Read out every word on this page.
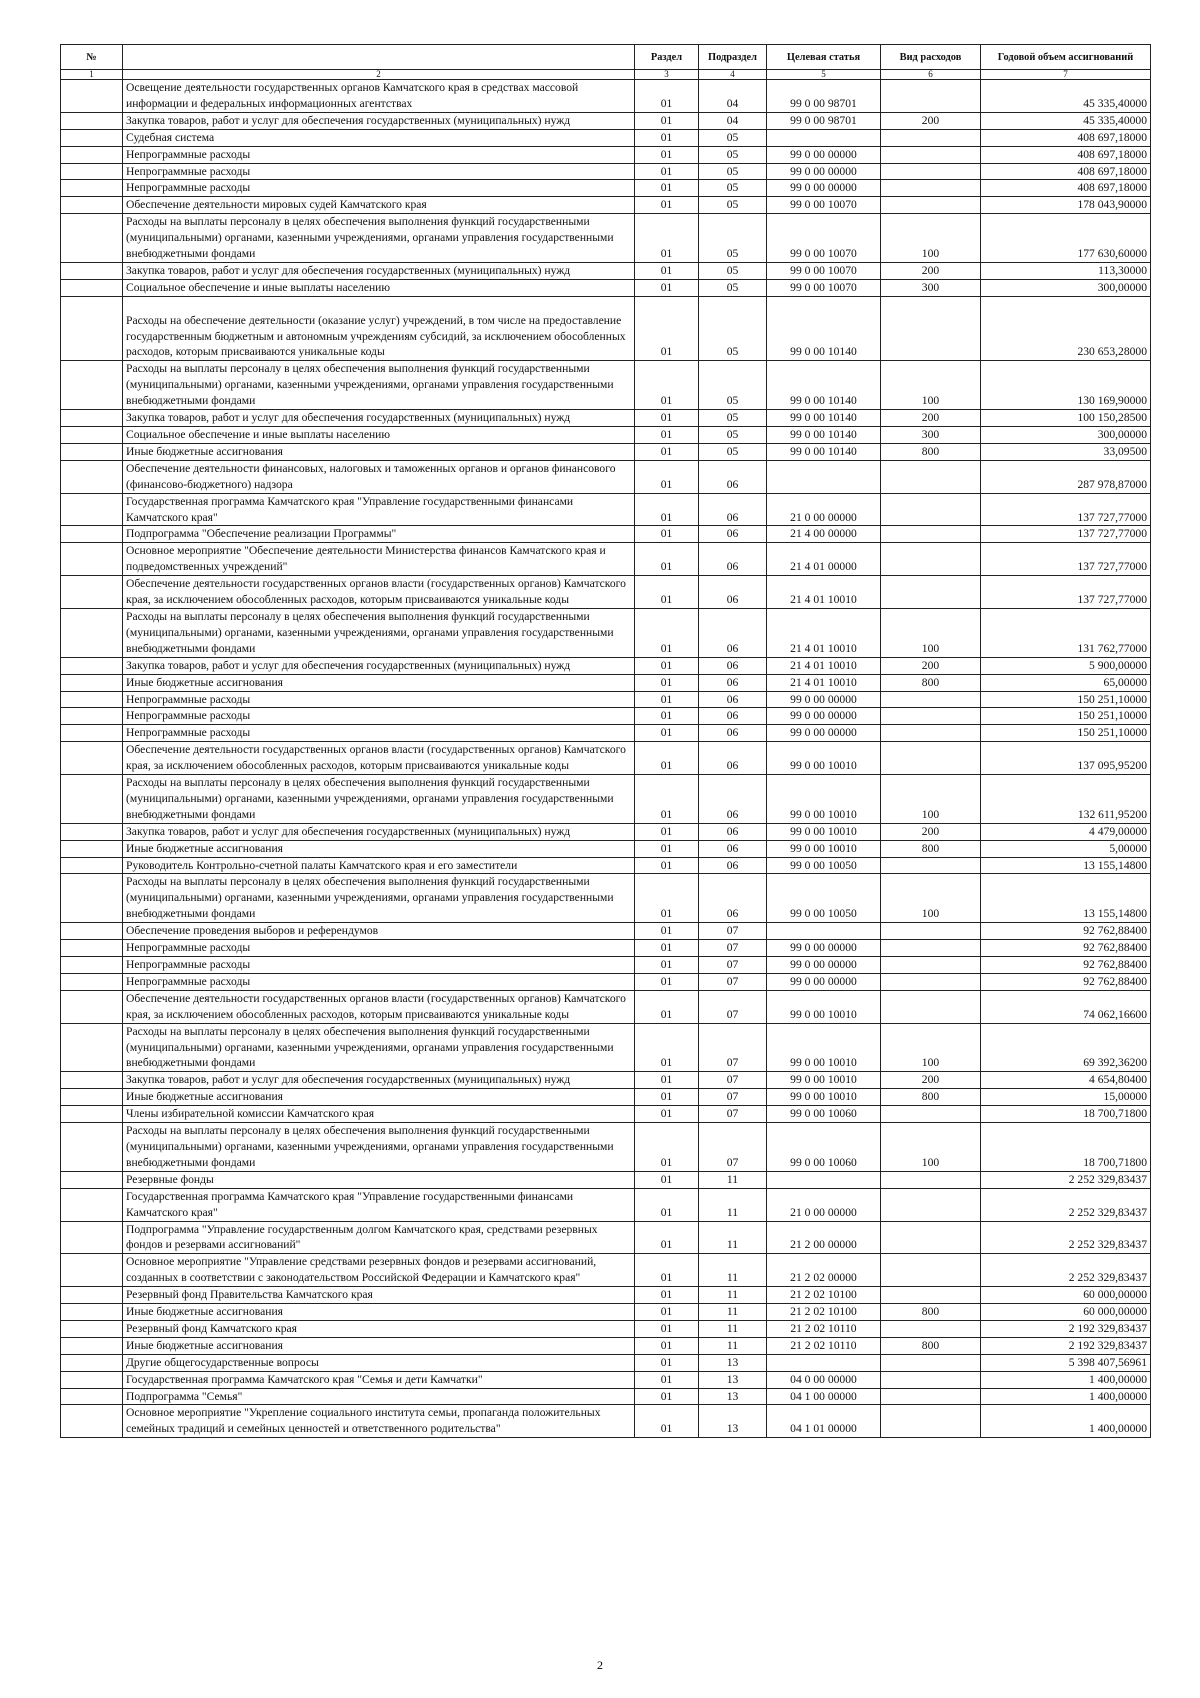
№		Раздел	Подраздел	Целевая статья	Вид расходов	Годовой объем ассигнований
1	2	3	4	5	6	7
	Освещение деятельности государственных органов Камчатского края в средствах массовой информации и федеральных информационных агентствах	01	04	99 0 00 98701		45 335,40000
	Закупка товаров, работ и услуг для обеспечения государственных (муниципальных) нужд	01	04	99 0 00 98701	200	45 335,40000
	Судебная система	01	05			408 697,18000
	Непрограммные расходы	01	05	99 0 00 00000		408 697,18000
	Непрограммные расходы	01	05	99 0 00 00000		408 697,18000
	Непрограммные расходы	01	05	99 0 00 00000		408 697,18000
	Обеспечение деятельности мировых судей Камчатского края	01	05	99 0 00 10070		178 043,90000
	Расходы на выплаты персоналу в целях обеспечения выполнения функций государственными (муниципальными) органами, казенными учреждениями, органами управления государственными внебюджетными фондами	01	05	99 0 00 10070	100	177 630,60000
	Закупка товаров, работ и услуг для обеспечения государственных (муниципальных) нужд	01	05	99 0 00 10070	200	113,30000
	Социальное обеспечение и иные выплаты населению	01	05	99 0 00 10070	300	300,00000
	Расходы на обеспечение деятельности (оказание услуг) учреждений, в том числе на предоставление государственным бюджетным и автономным учреждениям субсидий, за исключением обособленных расходов, которым присваиваются уникальные коды	01	05	99 0 00 10140		230 653,28000
	Расходы на выплаты персоналу в целях обеспечения выполнения функций государственными (муниципальными) органами, казенными учреждениями, органами управления государственными внебюджетными фондами	01	05	99 0 00 10140	100	130 169,90000
	Закупка товаров, работ и услуг для обеспечения государственных (муниципальных) нужд	01	05	99 0 00 10140	200	100 150,28500
	Социальное обеспечение и иные выплаты населению	01	05	99 0 00 10140	300	300,00000
	Иные бюджетные ассигнования	01	05	99 0 00 10140	800	33,09500
	Обеспечение деятельности финансовых, налоговых и таможенных органов и органов финансового (финансово-бюджетного) надзора	01	06			287 978,87000
	Государственная программа Камчатского края "Управление государственными финансами Камчатского края"	01	06	21 0 00 00000		137 727,77000
	Подпрограмма "Обеспечение реализации Программы"	01	06	21 4 00 00000		137 727,77000
	Основное мероприятие "Обеспечение деятельности Министерства финансов Камчатского края и подведомственных учреждений"	01	06	21 4 01 00000		137 727,77000
	Обеспечение деятельности государственных органов власти (государственных органов) Камчатского края, за исключением обособленных расходов, которым присваиваются уникальные коды	01	06	21 4 01 10010		137 727,77000
	Расходы на выплаты персоналу в целях обеспечения выполнения функций государственными (муниципальными) органами, казенными учреждениями, органами управления государственными внебюджетными фондами	01	06	21 4 01 10010	100	131 762,77000
	Закупка товаров, работ и услуг для обеспечения государственных (муниципальных) нужд	01	06	21 4 01 10010	200	5 900,00000
	Иные бюджетные ассигнования	01	06	21 4 01 10010	800	65,00000
	Непрограммные расходы	01	06	99 0 00 00000		150 251,10000
	Непрограммные расходы	01	06	99 0 00 00000		150 251,10000
	Непрограммные расходы	01	06	99 0 00 00000		150 251,10000
	Обеспечение деятельности государственных органов власти (государственных органов) Камчатского края, за исключением обособленных расходов, которым присваиваются уникальные коды	01	06	99 0 00 10010		137 095,95200
	Расходы на выплаты персоналу в целях обеспечения выполнения функций государственными (муниципальными) органами, казенными учреждениями, органами управления государственными внебюджетными фондами	01	06	99 0 00 10010	100	132 611,95200
	Закупка товаров, работ и услуг для обеспечения государственных (муниципальных) нужд	01	06	99 0 00 10010	200	4 479,00000
	Иные бюджетные ассигнования	01	06	99 0 00 10010	800	5,00000
	Руководитель Контрольно-счетной палаты Камчатского края и его заместители	01	06	99 0 00 10050		13 155,14800
	Расходы на выплаты персоналу в целях обеспечения выполнения функций государственными (муниципальными) органами, казенными учреждениями, органами управления государственными внебюджетными фондами	01	06	99 0 00 10050	100	13 155,14800
	Обеспечение проведения выборов и референдумов	01	07			92 762,88400
	Непрограммные расходы	01	07	99 0 00 00000		92 762,88400
	Непрограммные расходы	01	07	99 0 00 00000		92 762,88400
	Непрограммные расходы	01	07	99 0 00 00000		92 762,88400
	Обеспечение деятельности государственных органов власти (государственных органов) Камчатского края, за исключением обособленных расходов, которым присваиваются уникальные коды	01	07	99 0 00 10010		74 062,16600
	Расходы на выплаты персоналу в целях обеспечения выполнения функций государственными (муниципальными) органами, казенными учреждениями, органами управления государственными внебюджетными фондами	01	07	99 0 00 10010	100	69 392,36200
	Закупка товаров, работ и услуг для обеспечения государственных (муниципальных) нужд	01	07	99 0 00 10010	200	4 654,80400
	Иные бюджетные ассигнования	01	07	99 0 00 10010	800	15,00000
	Члены избирательной комиссии Камчатского края	01	07	99 0 00 10060		18 700,71800
	Расходы на выплаты персоналу в целях обеспечения выполнения функций государственными (муниципальными) органами, казенными учреждениями, органами управления государственными внебюджетными фондами	01	07	99 0 00 10060	100	18 700,71800
	Резервные фонды	01	11			2 252 329,83437
	Государственная программа Камчатского края "Управление государственными финансами Камчатского края"	01	11	21 0 00 00000		2 252 329,83437
	Подпрограмма "Управление государственным долгом Камчатского края, средствами резервных фондов и резервами ассигнований"	01	11	21 2 00 00000		2 252 329,83437
	Основное мероприятие "Управление средствами резервных фондов и резервами ассигнований, созданных в соответствии с законодательством Российской Федерации и Камчатского края"	01	11	21 2 02 00000		2 252 329,83437
	Резервный фонд Правительства Камчатского края	01	11	21 2 02 10100		60 000,00000
	Иные бюджетные ассигнования	01	11	21 2 02 10100	800	60 000,00000
	Резервный фонд Камчатского края	01	11	21 2 02 10110		2 192 329,83437
	Иные бюджетные ассигнования	01	11	21 2 02 10110	800	2 192 329,83437
	Другие общегосударственные вопросы	01	13			5 398 407,56961
	Государственная программа Камчатского края "Семья и дети Камчатки"	01	13	04 0 00 00000		1 400,00000
	Подпрограмма "Семья"	01	13	04 1 00 00000		1 400,00000
	Основное мероприятие "Укрепление социального института семьи, пропаганда положительных семейных традиций и семейных ценностей и ответственного родительства"	01	13	04 1 01 00000		1 400,00000
2
